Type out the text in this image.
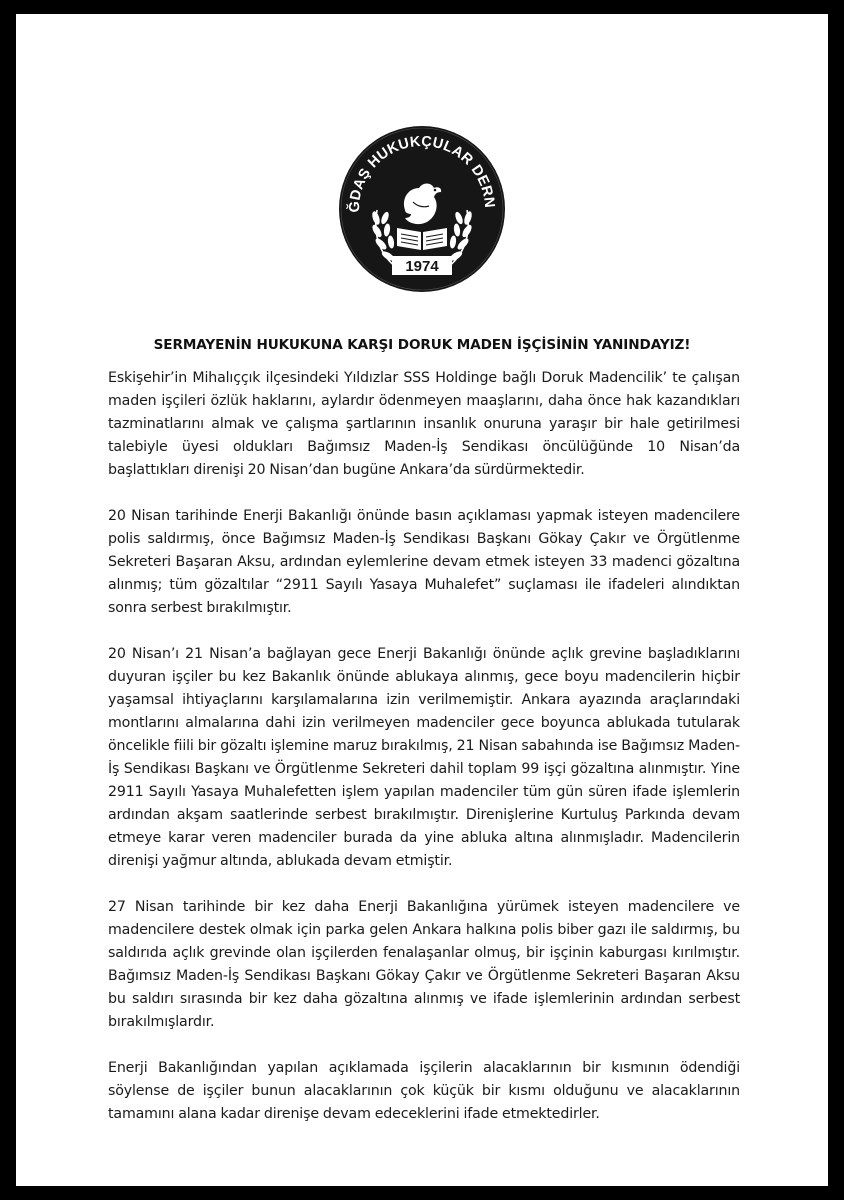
ĞDAŞ HUKUKÇULAR DERN
1974
SERMAYENİN HUKUKUNA KARŞI DORUK MADEN İŞÇİSİNİN YANINDAYIZ!

Eskişehir’in Mihalıççık ilçesindeki Yıldızlar SSS Holdinge bağlı Doruk Madencilik’ te çalışan maden işçileri özlük haklarını, aylardır ödenmeyen maaşlarını, daha önce hak kazandıkları tazminatlarını almak ve çalışma şartlarının insanlık onuruna yaraşır bir hale getirilmesi talebiyle üyesi oldukları Bağımsız Maden-İş Sendikası öncülüğünde 10 Nisan’da başlattıkları direnişi 20 Nisan’dan bugüne Ankara’da sürdürmektedir.

20 Nisan tarihinde Enerji Bakanlığı önünde basın açıklaması yapmak isteyen madencilere polis saldırmış, önce Bağımsız Maden-İş Sendikası Başkanı Gökay Çakır ve Örgütlenme Sekreteri Başaran Aksu, ardından eylemlerine devam etmek isteyen 33 madenci gözaltına alınmış; tüm gözaltılar “2911 Sayılı Yasaya Muhalefet” suçlaması ile ifadeleri alındıktan sonra serbest bırakılmıştır.

20 Nisan’ı 21 Nisan’a bağlayan gece Enerji Bakanlığı önünde açlık grevine başladıklarını duyuran işçiler bu kez Bakanlık önünde ablukaya alınmış, gece boyu madencilerin hiçbir yaşamsal ihtiyaçlarını karşılamalarına izin verilmemiştir. Ankara ayazında araçlarındaki montlarını almalarına dahi izin verilmeyen madenciler gece boyunca ablukada tutularak öncelikle fiili bir gözaltı işlemine maruz bırakılmış, 21 Nisan sabahında ise Bağımsız Maden-İş Sendikası Başkanı ve Örgütlenme Sekreteri dahil toplam 99 işçi gözaltına alınmıştır. Yine 2911 Sayılı Yasaya Muhalefetten işlem yapılan madenciler tüm gün süren ifade işlemlerin ardından akşam saatlerinde serbest bırakılmıştır. Direnişlerine Kurtuluş Parkında devam etmeye karar veren madenciler burada da yine abluka altına alınmışladır. Madencilerin direnişi yağmur altında, ablukada devam etmiştir.

27 Nisan tarihinde bir kez daha Enerji Bakanlığına yürümek isteyen madencilere ve madencilere destek olmak için parka gelen Ankara halkına polis biber gazı ile saldırmış, bu saldırıda açlık grevinde olan işçilerden fenalaşanlar olmuş, bir işçinin kaburgası kırılmıştır. Bağımsız Maden-İş Sendikası Başkanı Gökay Çakır ve Örgütlenme Sekreteri Başaran Aksu bu saldırı sırasında bir kez daha gözaltına alınmış ve ifade işlemlerinin ardından serbest bırakılmışlardır.

Enerji Bakanlığından yapılan açıklamada işçilerin alacaklarının bir kısmının ödendiği söylense de işçiler bunun alacaklarının çok küçük bir kısmı olduğunu ve alacaklarının tamamını alana kadar direnişe devam edeceklerini ifade etmektedirler.
